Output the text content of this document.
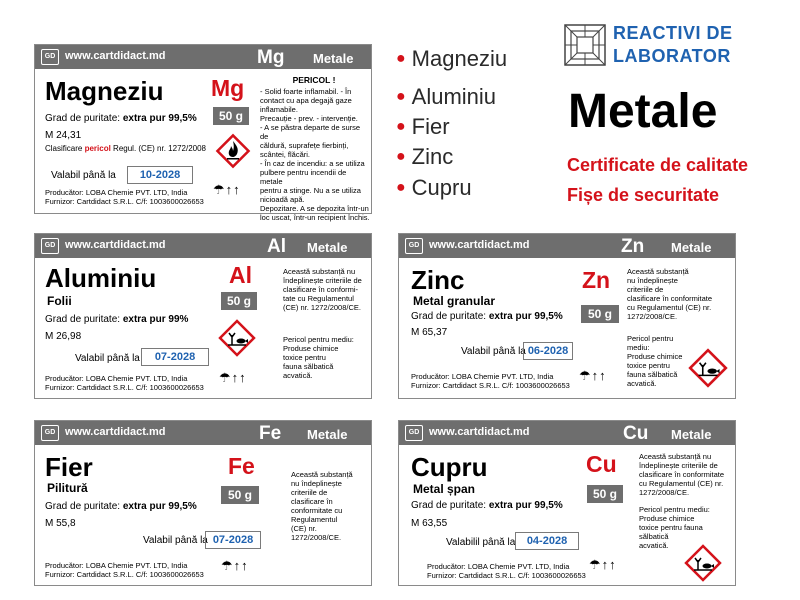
GD www.cartdidact.md	Mg Metale
Magneziu Mg
50 g
Grad de puritate: extra pur 99,5%
M 24,31
Clasificare pericol Regul. (CE) nr. 1272/2008
Valabil până la	10-2028
Producător: LOBA Chemie PVT. LTD, India
Furnizor: Cartdidact S.R.L. C/f: 1003600026653
☂↑↑
PERICOL !
- Solid foarte inflamabil. - În
contact cu apa degajă gaze
inflamabile.
Precauție - prev. - intervenție.
- A se păstra departe de surse de
căldură, suprafețe fierbinți,
scântei, flăcări.
- În caz de incendiu: a se utiliza
pulbere pentru incendii de metale
pentru a stinge. Nu a se utiliza
nicioadă apă.
Depozitare. A se depozita într-un
loc uscat, într-un recipient închis.
GD www.cartdidact.md	Al Metale
Aluminiu
Folii
Al
50 g
Grad de puritate: extra pur 99%
M 26,98
Valabil până la	07-2028
Producător: LOBA Chemie PVT. LTD, India
Furnizor: Cartdidact S.R.L. C/f: 1003600026653
☂↑↑
Această substanță nu
îndeplinește criteriile de
clasificare în conformi-
tate cu Regulamentul
(CE) nr. 1272/2008/CE.
Pericol pentru mediu:
Produse chimice
toxice pentru
fauna sălbatică
acvatică.
GD www.cartdidact.md	Zn Metale
Zinc
Metal granular
Zn
50 g
Grad de puritate: extra pur 99,5%
M 65,37
Valabil până la 06-2028
Producător: LOBA Chemie PVT. LTD, India
Furnizor: Cartdidact S.R.L. C/f: 1003600026653
☂↑↑
Această substanță
nu îndeplinește
criteriile de
clasificare în conformitate
cu Regulamentul (CE) nr.
1272/2008/CE.
Pericol pentru mediu:
Produse chimice
toxice pentru
fauna sălbatică
acvatică.
GD www.cartdidact.md	Fe Metale
Fier
Pilitură
Fe
50 g
Grad de puritate: extra pur 99,5%
M 55,8
Valabil până la 07-2028
Producător: LOBA Chemie PVT. LTD, India
Furnizor: Cartdidact S.R.L. C/f: 1003600026653
☂↑↑
Această substanță
nu îndeplinește
criteriile de
clasificare în
conformitate cu
Regulamentul
(CE) nr.
1272/2008/CE.
GD www.cartdidact.md	Cu Metale
Cupru
Metal șpan
Cu
50 g
Grad de puritate: extra pur 99,5%
M 63,55
Valabilil până la	04-2028
Producător: LOBA Chemie PVT. LTD, India
Furnizor: Cartdidact S.R.L. C/f: 1003600026653
☂↑↑
Această substanță nu
îndeplinește criteriile de
clasificare în conformitate
cu Regulamentul (CE) nr.
1272/2008/CE.
Pericol pentru mediu:
Produse chimice
toxice pentru fauna
sălbatică
acvatică.
● Magneziu
● Aluminiu
● Fier
● Zinc
● Cupru
REACTIVI DE
LABORATOR
Metale
Certificate de calitate
Fișe de securitate
